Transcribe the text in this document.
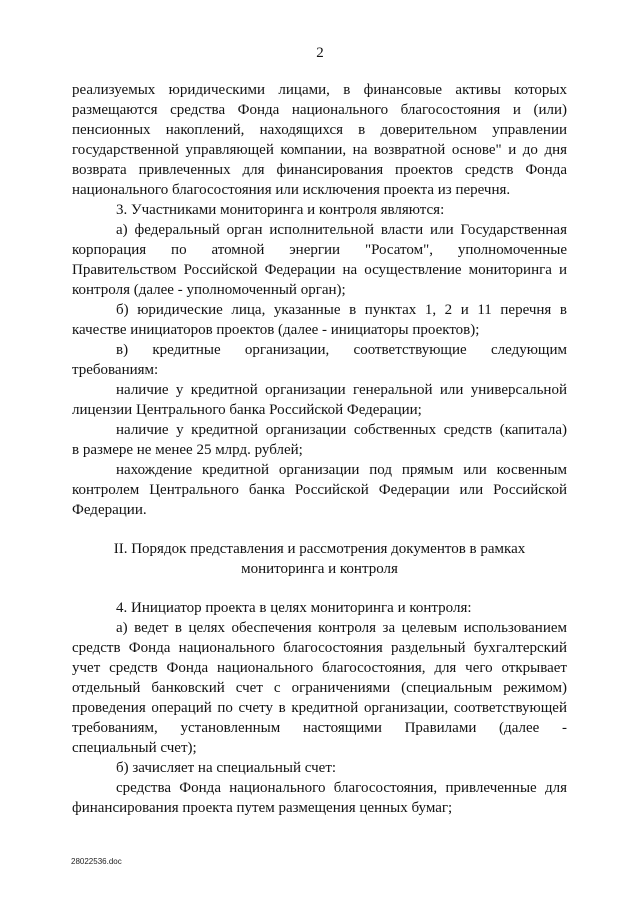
2
реализуемых юридическими лицами, в финансовые активы которых
размещаются средства Фонда национального благосостояния и (или)
пенсионных накоплений, находящихся в доверительном управлении
государственной управляющей компании, на возвратной основе" и до дня
возврата привлеченных для финансирования проектов средств Фонда
национального благосостояния или исключения проекта из перечня.
3. Участниками мониторинга и контроля являются:
а) федеральный орган исполнительной власти или Государственная
корпорация по атомной энергии "Росатом", уполномоченные
Правительством Российской Федерации на осуществление мониторинга и
контроля (далее - уполномоченный орган);
б) юридические лица, указанные в пунктах 1, 2 и 11 перечня в
качестве инициаторов проектов (далее - инициаторы проектов);
в) кредитные организации, соответствующие следующим
требованиям:
наличие у кредитной организации генеральной или универсальной
лицензии Центрального банка Российской Федерации;
наличие у кредитной организации собственных средств (капитала)
в размере не менее 25 млрд. рублей;
нахождение кредитной организации под прямым или косвенным
контролем Центрального банка Российской Федерации или Российской
Федерации.
II. Порядок представления и рассмотрения документов в рамках
мониторинга и контроля
4. Инициатор проекта в целях мониторинга и контроля:
а) ведет в целях обеспечения контроля за целевым использованием
средств Фонда национального благосостояния раздельный бухгалтерский
учет средств Фонда национального благосостояния, для чего открывает
отдельный банковский счет с ограничениями (специальным режимом)
проведения операций по счету в кредитной организации, соответствующей
требованиям, установленным настоящими Правилами (далее -
специальный счет);
б) зачисляет на специальный счет:
средства Фонда национального благосостояния, привлеченные для
финансирования проекта путем размещения ценных бумаг;
28022536.doc
